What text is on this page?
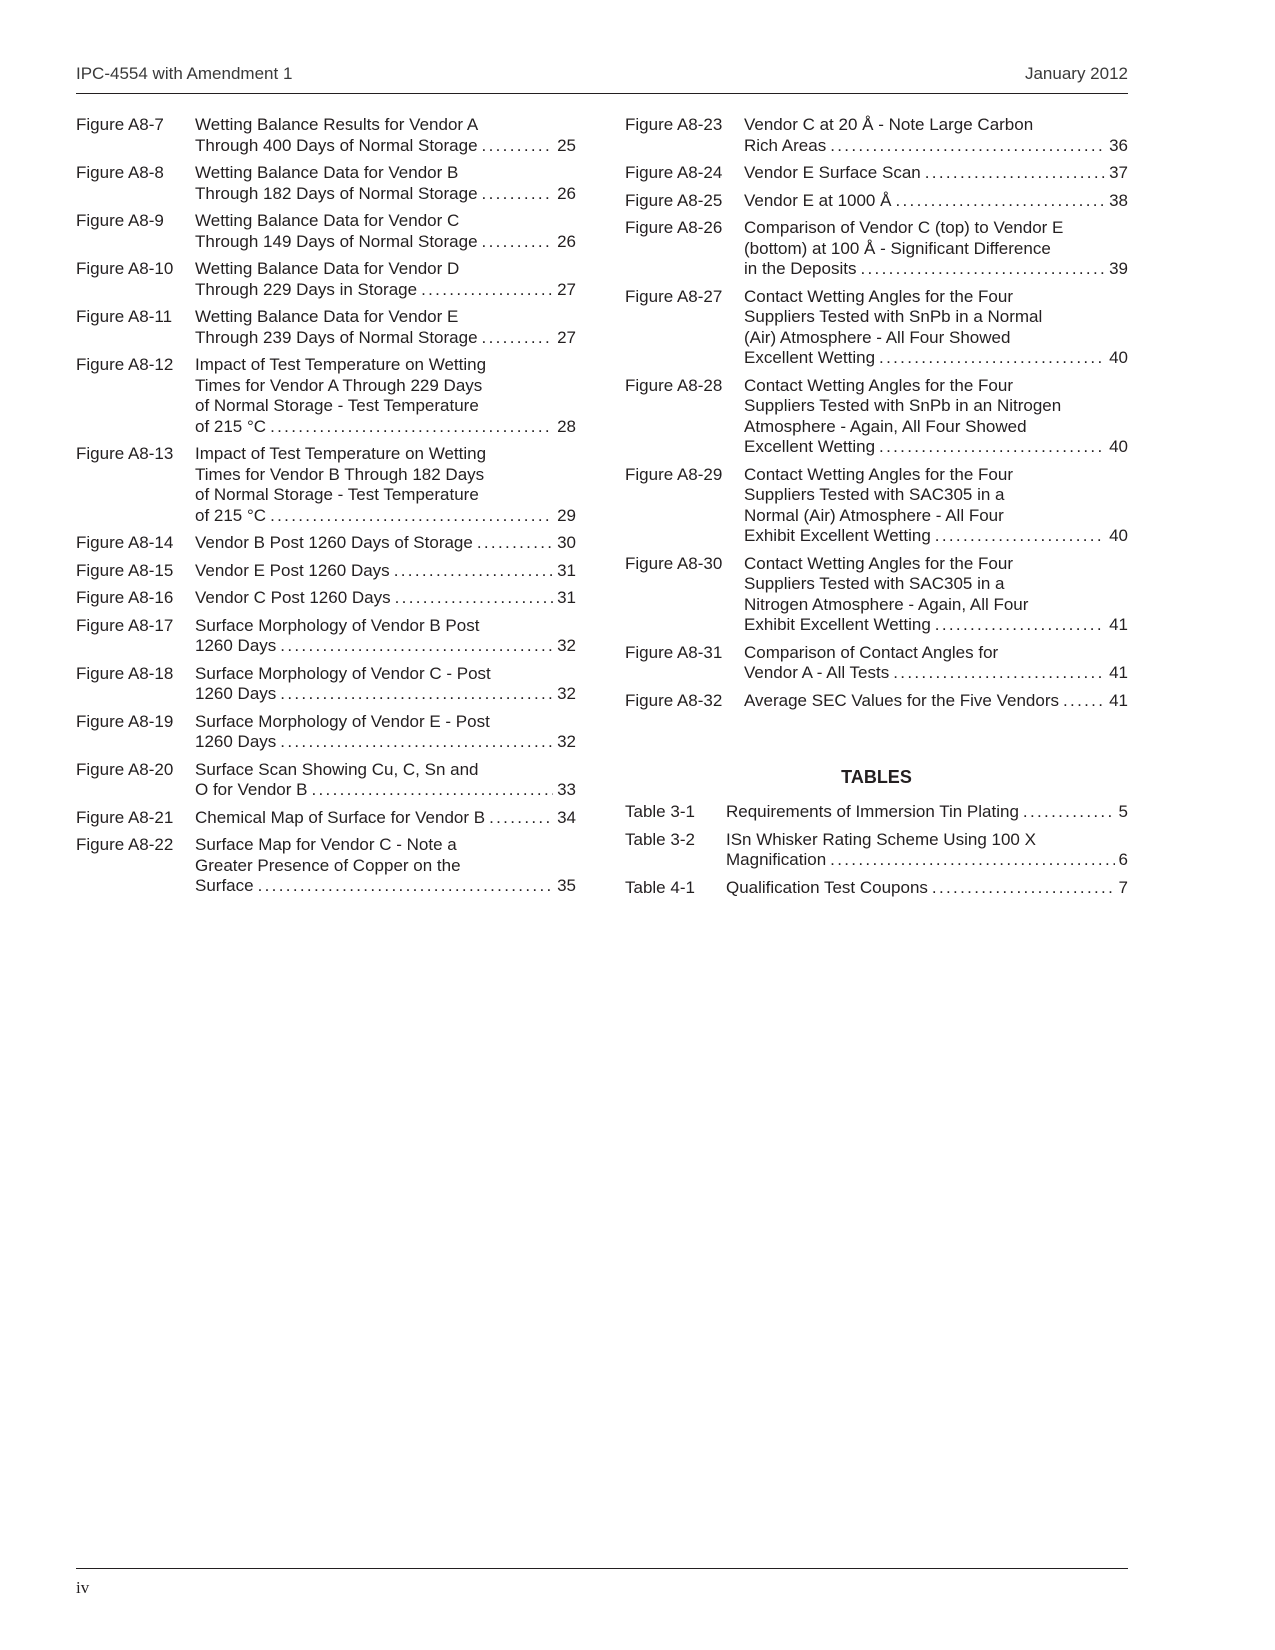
IPC-4554 with Amendment 1	January 2012
Figure A8-7	Wetting Balance Results for Vendor A
Through 400 Days of Normal Storage . . .	25
Figure A8-8	Wetting Balance Data for Vendor B
Through 182 Days of Normal Storage . . .	26
Figure A8-9	Wetting Balance Data for Vendor C
Through 149 Days of Normal Storage . . .	26
Figure A8-10	Wetting Balance Data for Vendor D
Through 229 Days in Storage . . .	27
Figure A8-11	Wetting Balance Data for Vendor E
Through 239 Days of Normal Storage . . .	27
Figure A8-12	Impact of Test Temperature on Wetting
Times for Vendor A Through 229 Days
of Normal Storage - Test Temperature
of 215 °C . . .	28
Figure A8-13	Impact of Test Temperature on Wetting
Times for Vendor B Through 182 Days
of Normal Storage - Test Temperature
of 215 °C . . .	29
Figure A8-14	Vendor B Post 1260 Days of Storage . . .	30
Figure A8-15	Vendor E Post 1260 Days . . .	31
Figure A8-16	Vendor C Post 1260 Days . . .	31
Figure A8-17	Surface Morphology of Vendor B Post
1260 Days . . .	32
Figure A8-18	Surface Morphology of Vendor C - Post
1260 Days . . .	32
Figure A8-19	Surface Morphology of Vendor E - Post
1260 Days . . .	32
Figure A8-20	Surface Scan Showing Cu, C, Sn and
O for Vendor B . . .	33
Figure A8-21	Chemical Map of Surface for Vendor B . . .	34
Figure A8-22	Surface Map for Vendor C - Note a
Greater Presence of Copper on the
Surface . . .	35
Figure A8-23	Vendor C at 20 Å - Note Large Carbon
Rich Areas . . .	36
Figure A8-24	Vendor E Surface Scan . . .	37
Figure A8-25	Vendor E at 1000 Å . . .	38
Figure A8-26	Comparison of Vendor C (top) to Vendor E
(bottom) at 100 Å - Significant Difference
in the Deposits . . .	39
Figure A8-27	Contact Wetting Angles for the Four
Suppliers Tested with SnPb in a Normal
(Air) Atmosphere - All Four Showed
Excellent Wetting . . .	40
Figure A8-28	Contact Wetting Angles for the Four
Suppliers Tested with SnPb in an Nitrogen
Atmosphere - Again, All Four Showed
Excellent Wetting . . .	40
Figure A8-29	Contact Wetting Angles for the Four
Suppliers Tested with SAC305 in a
Normal (Air) Atmosphere - All Four
Exhibit Excellent Wetting . . .	40
Figure A8-30	Contact Wetting Angles for the Four
Suppliers Tested with SAC305 in a
Nitrogen Atmosphere - Again, All Four
Exhibit Excellent Wetting . . .	41
Figure A8-31	Comparison of Contact Angles for
Vendor A - All Tests . . .	41
Figure A8-32	Average SEC Values for the Five Vendors . . .	41
TABLES
Table 3-1	Requirements of Immersion Tin Plating . . .	5
Table 3-2	ISn Whisker Rating Scheme Using 100 X
Magnification . . .	6
Table 4-1	Qualification Test Coupons . . .	7
iv
